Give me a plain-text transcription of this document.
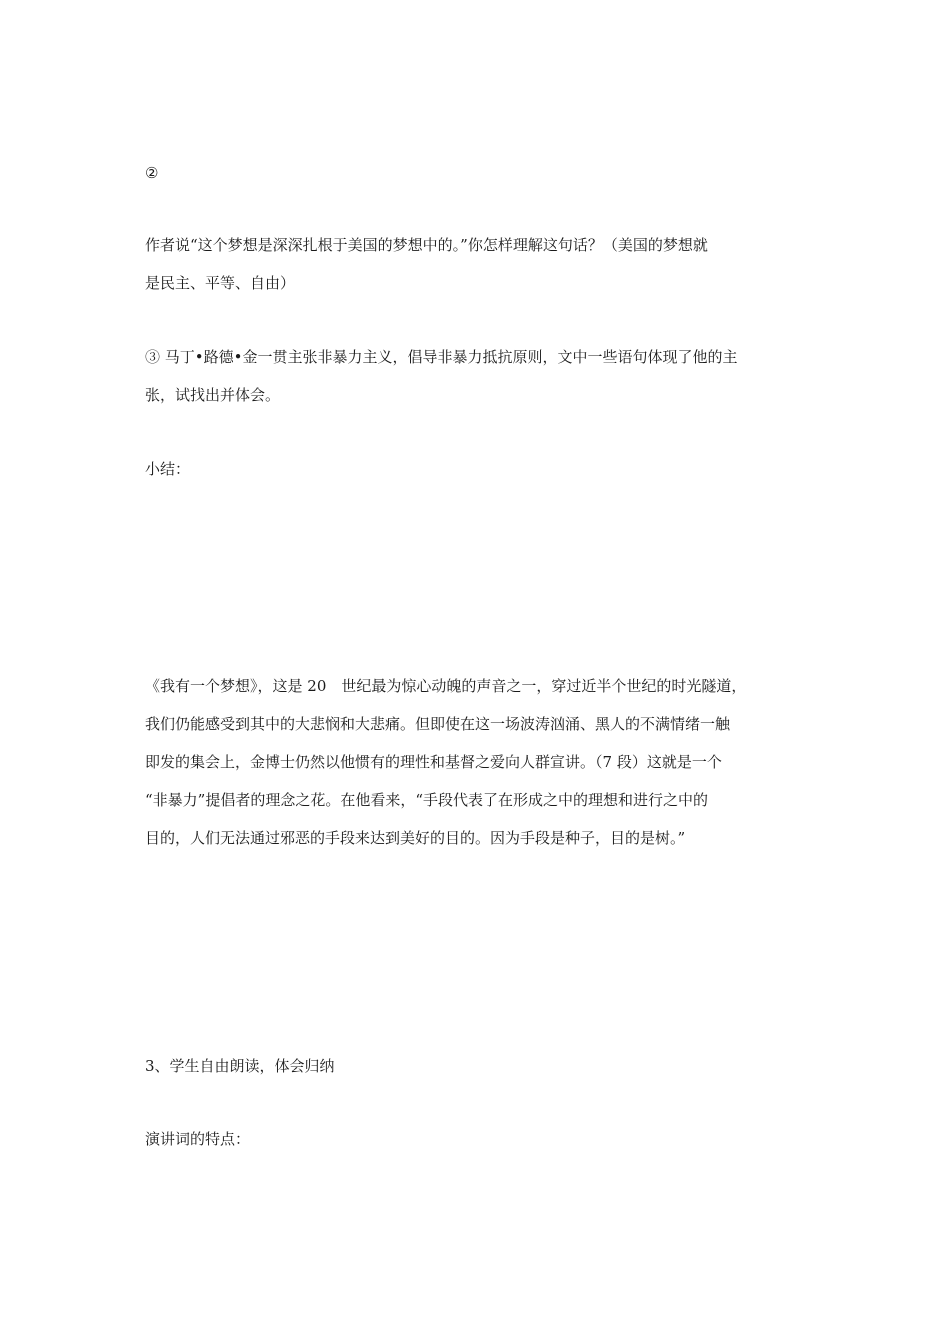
②

作者说“这个梦想是深深扎根于美国的梦想中的。”你怎样理解这句话？（美国的梦想就
是民主、平等、自由）

③ 马丁•路德•金一贯主张非暴力主义，倡导非暴力抵抗原则，文中一些语句体现了他的主
张，试找出并体会。

小结：

《我有一个梦想》，这是 20　世纪最为惊心动魄的声音之一，穿过近半个世纪的时光隧道，
我们仍能感受到其中的大悲悯和大悲痛。但即使在这一场波涛汹涌、黑人的不满情绪一触
即发的集会上，金博士仍然以他惯有的理性和基督之爱向人群宣讲。（7 段）这就是一个
“非暴力”提倡者的理念之花。在他看来，“手段代表了在形成之中的理想和进行之中的
目的，人们无法通过邪恶的手段来达到美好的目的。因为手段是种子，目的是树。”

3、学生自由朗读，体会归纳

演讲词的特点：
